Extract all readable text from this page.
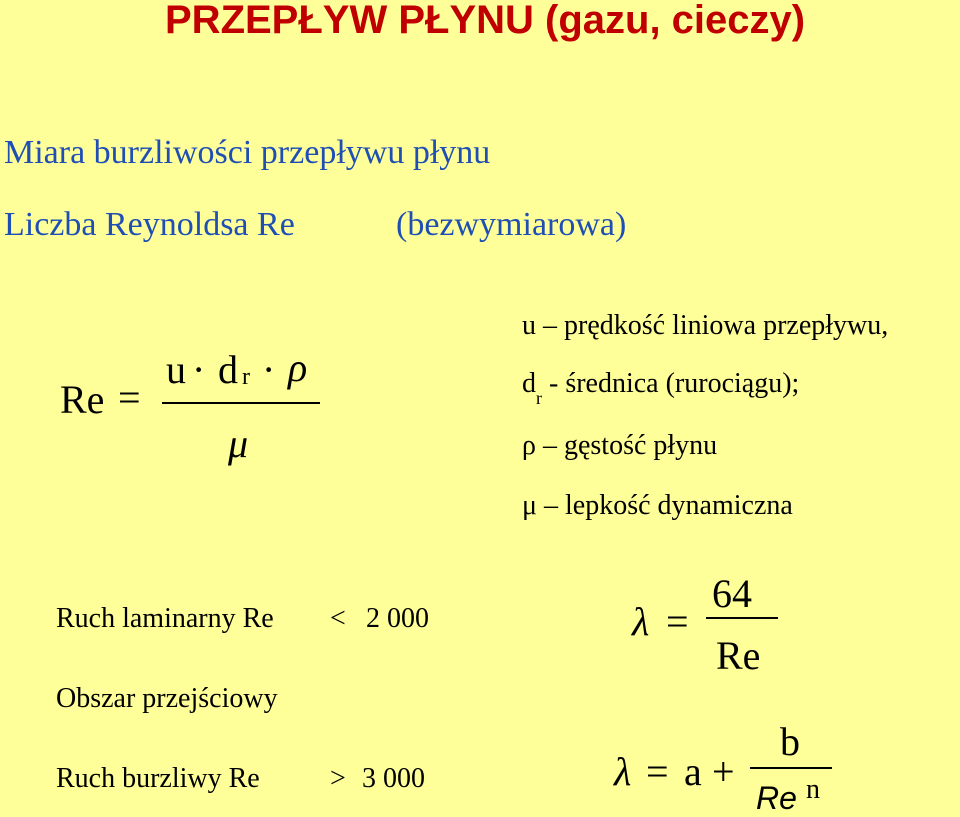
PRZEPŁYW PŁYNU (gazu, cieczy)
Miara burzliwości przepływu płynu
Liczba Reynoldsa Re	(bezwymiarowa)
Re =
u · d r · ρ
μ
u – prędkość liniowa przepływu,
$d_r$ - średnica (rurociągu);
ρ – gęstość płynu
μ – lepkość dynamiczna
Ruch laminarny Re < 2 000
Obszar przejściowy
Ruch burzliwy Re	> 3 000
λ =
64
Re
λ = a +
b
Re n
